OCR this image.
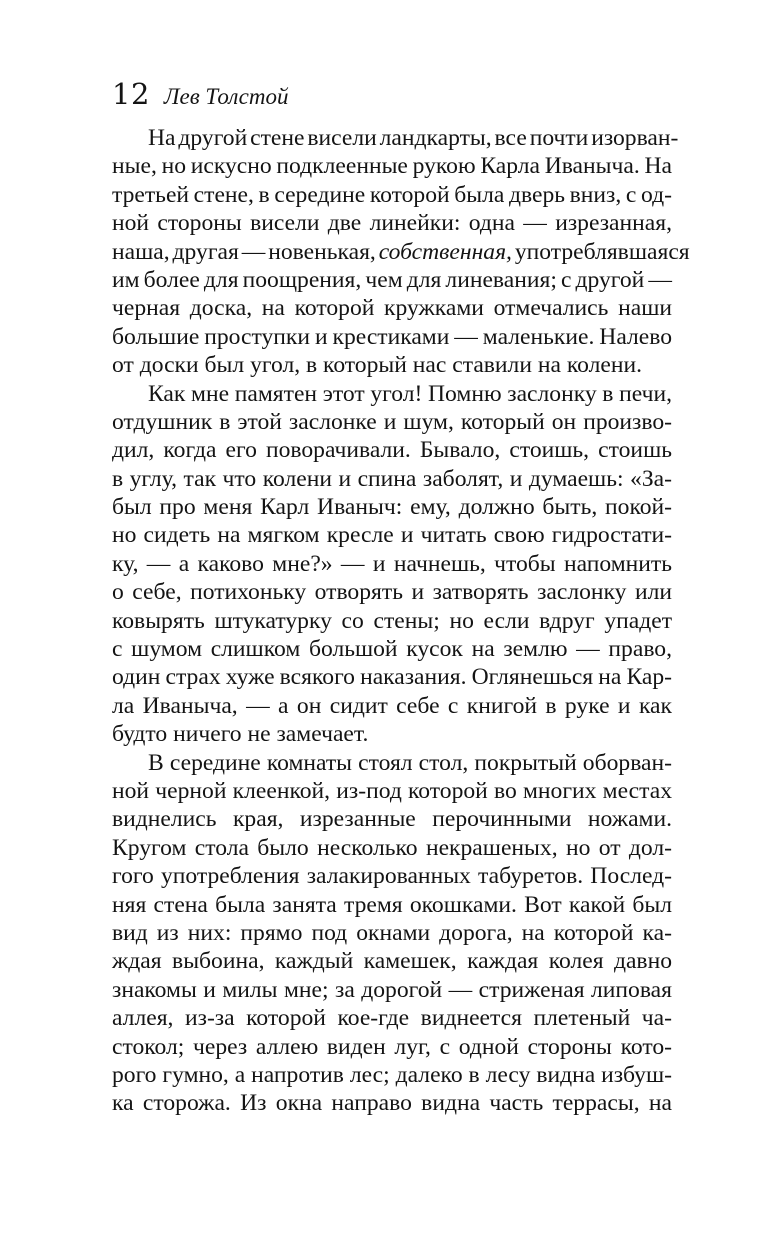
12 Лев Толстой
На другой стене висели ландкарты, все почти изорван-
ные, но искусно подклеенные рукою Карла Иваныча. На
третьей стене, в середине которой была дверь вниз, с од-
ной стороны висели две линейки: одна — изрезанная,
наша, другая — новенькая, собственная, употреблявшаяся
им более для поощрения, чем для линевания; с другой —
черная доска, на которой кружками отмечались наши
большие проступки и крестиками — маленькие. Налево
от доски был угол, в который нас ставили на колени.
Как мне памятен этот угол! Помню заслонку в печи,
отдушник в этой заслонке и шум, который он произво-
дил, когда его поворачивали. Бывало, стоишь, стоишь
в углу, так что колени и спина заболят, и думаешь: «За-
был про меня Карл Иваныч: ему, должно быть, покой-
но сидеть на мягком кресле и читать свою гидростати-
ку, — а каково мне?» — и начнешь, чтобы напомнить
о себе, потихоньку отворять и затворять заслонку или
ковырять штукатурку со стены; но если вдруг упадет
с шумом слишком большой кусок на землю — право,
один страх хуже всякого наказания. Оглянешься на Кар-
ла Иваныча, — а он сидит себе с книгой в руке и как
будто ничего не замечает.
В середине комнаты стоял стол, покрытый оборван-
ной черной клеенкой, из-под которой во многих местах
виднелись края, изрезанные перочинными ножами.
Кругом стола было несколько некрашеных, но от дол-
гого употребления залакированных табуретов. Послед-
няя стена была занята тремя окошками. Вот какой был
вид из них: прямо под окнами дорога, на которой ка-
ждая выбоина, каждый камешек, каждая колея давно
знакомы и милы мне; за дорогой — стриженая липовая
аллея, из-за которой кое-где виднеется плетеный ча-
стокол; через аллею виден луг, с одной стороны кото-
рого гумно, а напротив лес; далеко в лесу видна избуш-
ка сторожа. Из окна направо видна часть террасы, на
